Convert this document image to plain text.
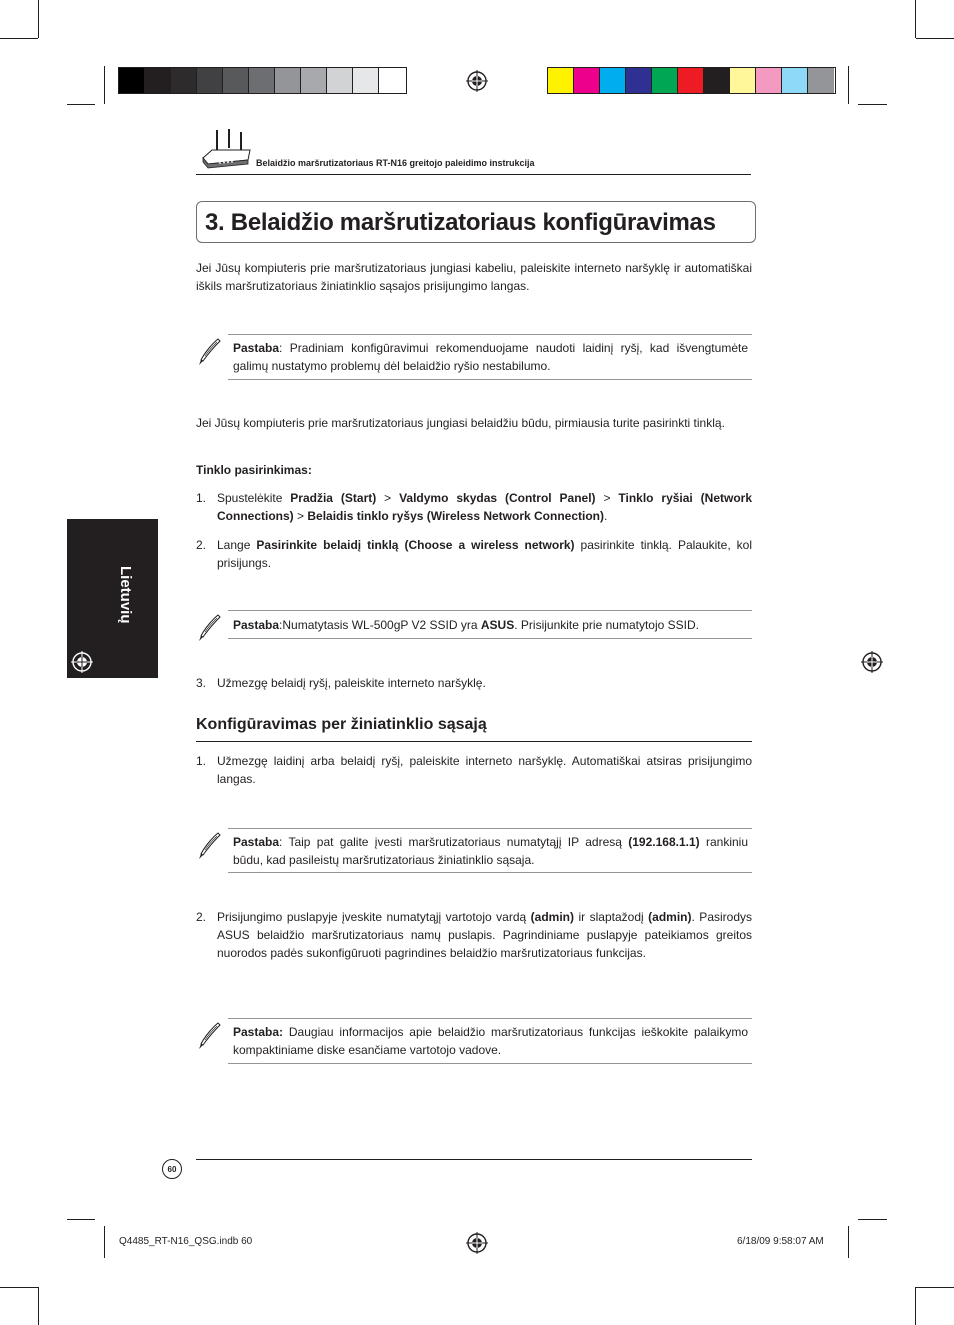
Belaidžio maršrutizatoriaus RT-N16 greitojo paleidimo instrukcija
3. Belaidžio maršrutizatoriaus konfigūravimas
Jei Jūsų kompiuteris prie maršrutizatoriaus jungiasi kabeliu, paleiskite interneto naršyklę ir automatiškai iškils maršrutizatoriaus žiniatinklio sąsajos prisijungimo langas.
Pastaba: Pradiniam konfigūravimui rekomenduojame naudoti laidinį ryšį, kad išvengtumėte galimų nustatymo problemų dėl belaidžio ryšio nestabilumo.
Jei Jūsų kompiuteris prie maršrutizatoriaus jungiasi belaidžiu būdu, pirmiausia turite pasirinkti tinklą.
Tinklo pasirinkimas:
1. Spustelėkite Pradžia (Start) > Valdymo skydas (Control Panel) > Tinklo ryšiai (Network Connections) > Belaidis tinklo ryšys (Wireless Network Connection).
2. Lange Pasirinkite belaidį tinklą (Choose a wireless network) pasirinkite tinklą. Palaukite, kol prisijungs.
Pastaba:Numatytasis WL-500gP V2 SSID yra ASUS. Prisijunkite prie numatytojo SSID.
3. Užmezgę belaidį ryšį, paleiskite interneto naršyklę.
Konfigūravimas per žiniatinklio sąsają
1. Užmezgę laidinį arba belaidį ryšį, paleiskite interneto naršyklę. Automatiškai atsiras prisijungimo langas.
Pastaba: Taip pat galite įvesti maršrutizatoriaus numatytąjį IP adresą (192.168.1.1) rankiniu būdu, kad pasileistų maršrutizatoriaus žiniatinklio sąsaja.
2. Prisijungimo puslapyje įveskite numatytąjį vartotojo vardą (admin) ir slaptažodį (admin). Pasirodys ASUS belaidžio maršrutizatoriaus namų puslapis. Pagrindiniame puslapyje pateikiamos greitos nuorodos padės sukonfigūruoti pagrindines belaidžio maršrutizatoriaus funkcijas.
Pastaba: Daugiau informacijos apie belaidžio maršrutizatoriaus funkcijas ieškokite palaikymo kompaktiniame diske esančiame vartotojo vadove.
Lietuvių
60
Q4485_RT-N16_QSG.indb 60	6/18/09 9:58:07 AM
